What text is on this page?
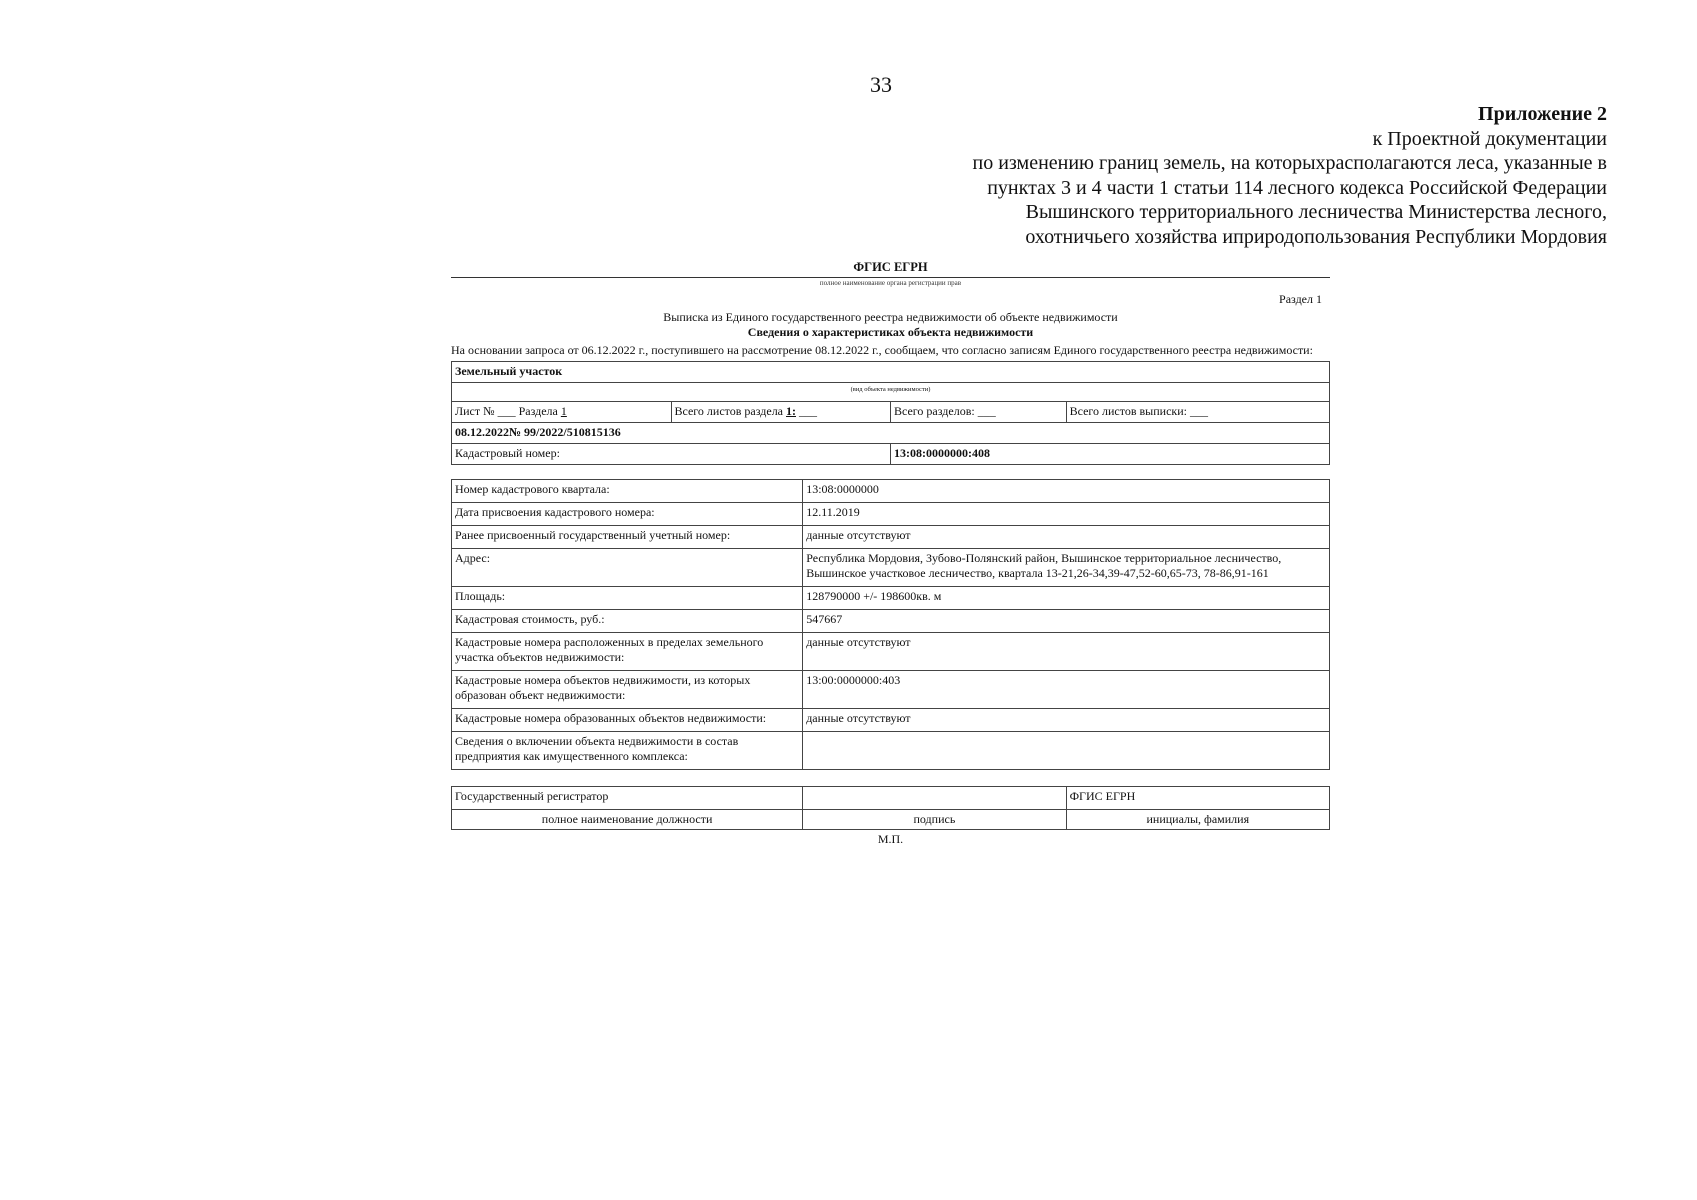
33
Приложение 2
к Проектной документации
по изменению границ земель, на которыхрасполагаются леса, указанные в
пунктах 3 и 4 части 1 статьи 114 лесного кодекса Российской Федерации
Вышинского территориального лесничества Министерства лесного,
охотничьего хозяйства иприродопользования Республики Мордовия
ФГИС ЕГРН
полное наименование органа регистрации прав
Раздел 1
Выписка из Единого государственного реестра недвижимости об объекте недвижимости
Сведения о характеристиках объекта недвижимости
На основании запроса от 06.12.2022 г., поступившего на рассмотрение 08.12.2022 г., сообщаем, что согласно записям Единого государственного реестра недвижимости:
Земельный участок			
(вид объекта недвижимости)			
Лист № ___ Раздела 1	Всего листов раздела 1: ___	Всего разделов: ___	Всего листов выписки: ___
08.12.2022№ 99/2022/510815136			
Кадастровый номер:		13:08:0000000:408	
Номер кадастрового квартала:	13:08:0000000
Дата присвоения кадастрового номера:	12.11.2019
Ранее присвоенный государственный учетный номер:	данные отсутствуют
Адрес:	Республика Мордовия, Зубово-Полянский район, Вышинское территориальное лесничество, Вышинское участковое лесничество, квартала 13-21,26-34,39-47,52-60,65-73, 78-86,91-161
Площадь:	128790000 +/- 198600кв. м
Кадастровая стоимость, руб.:	547667
Кадастровые номера расположенных в пределах земельного участка объектов недвижимости:	данные отсутствуют
Кадастровые номера объектов недвижимости, из которых образован объект недвижимости:	13:00:0000000:403
Кадастровые номера образованных объектов недвижимости:	данные отсутствуют
Сведения о включении объекта недвижимости в состав предприятия как имущественного комплекса:	
Государственный регистратор		ФГИС ЕГРН
полное наименование должности	подпись	инициалы, фамилия
М.П.
